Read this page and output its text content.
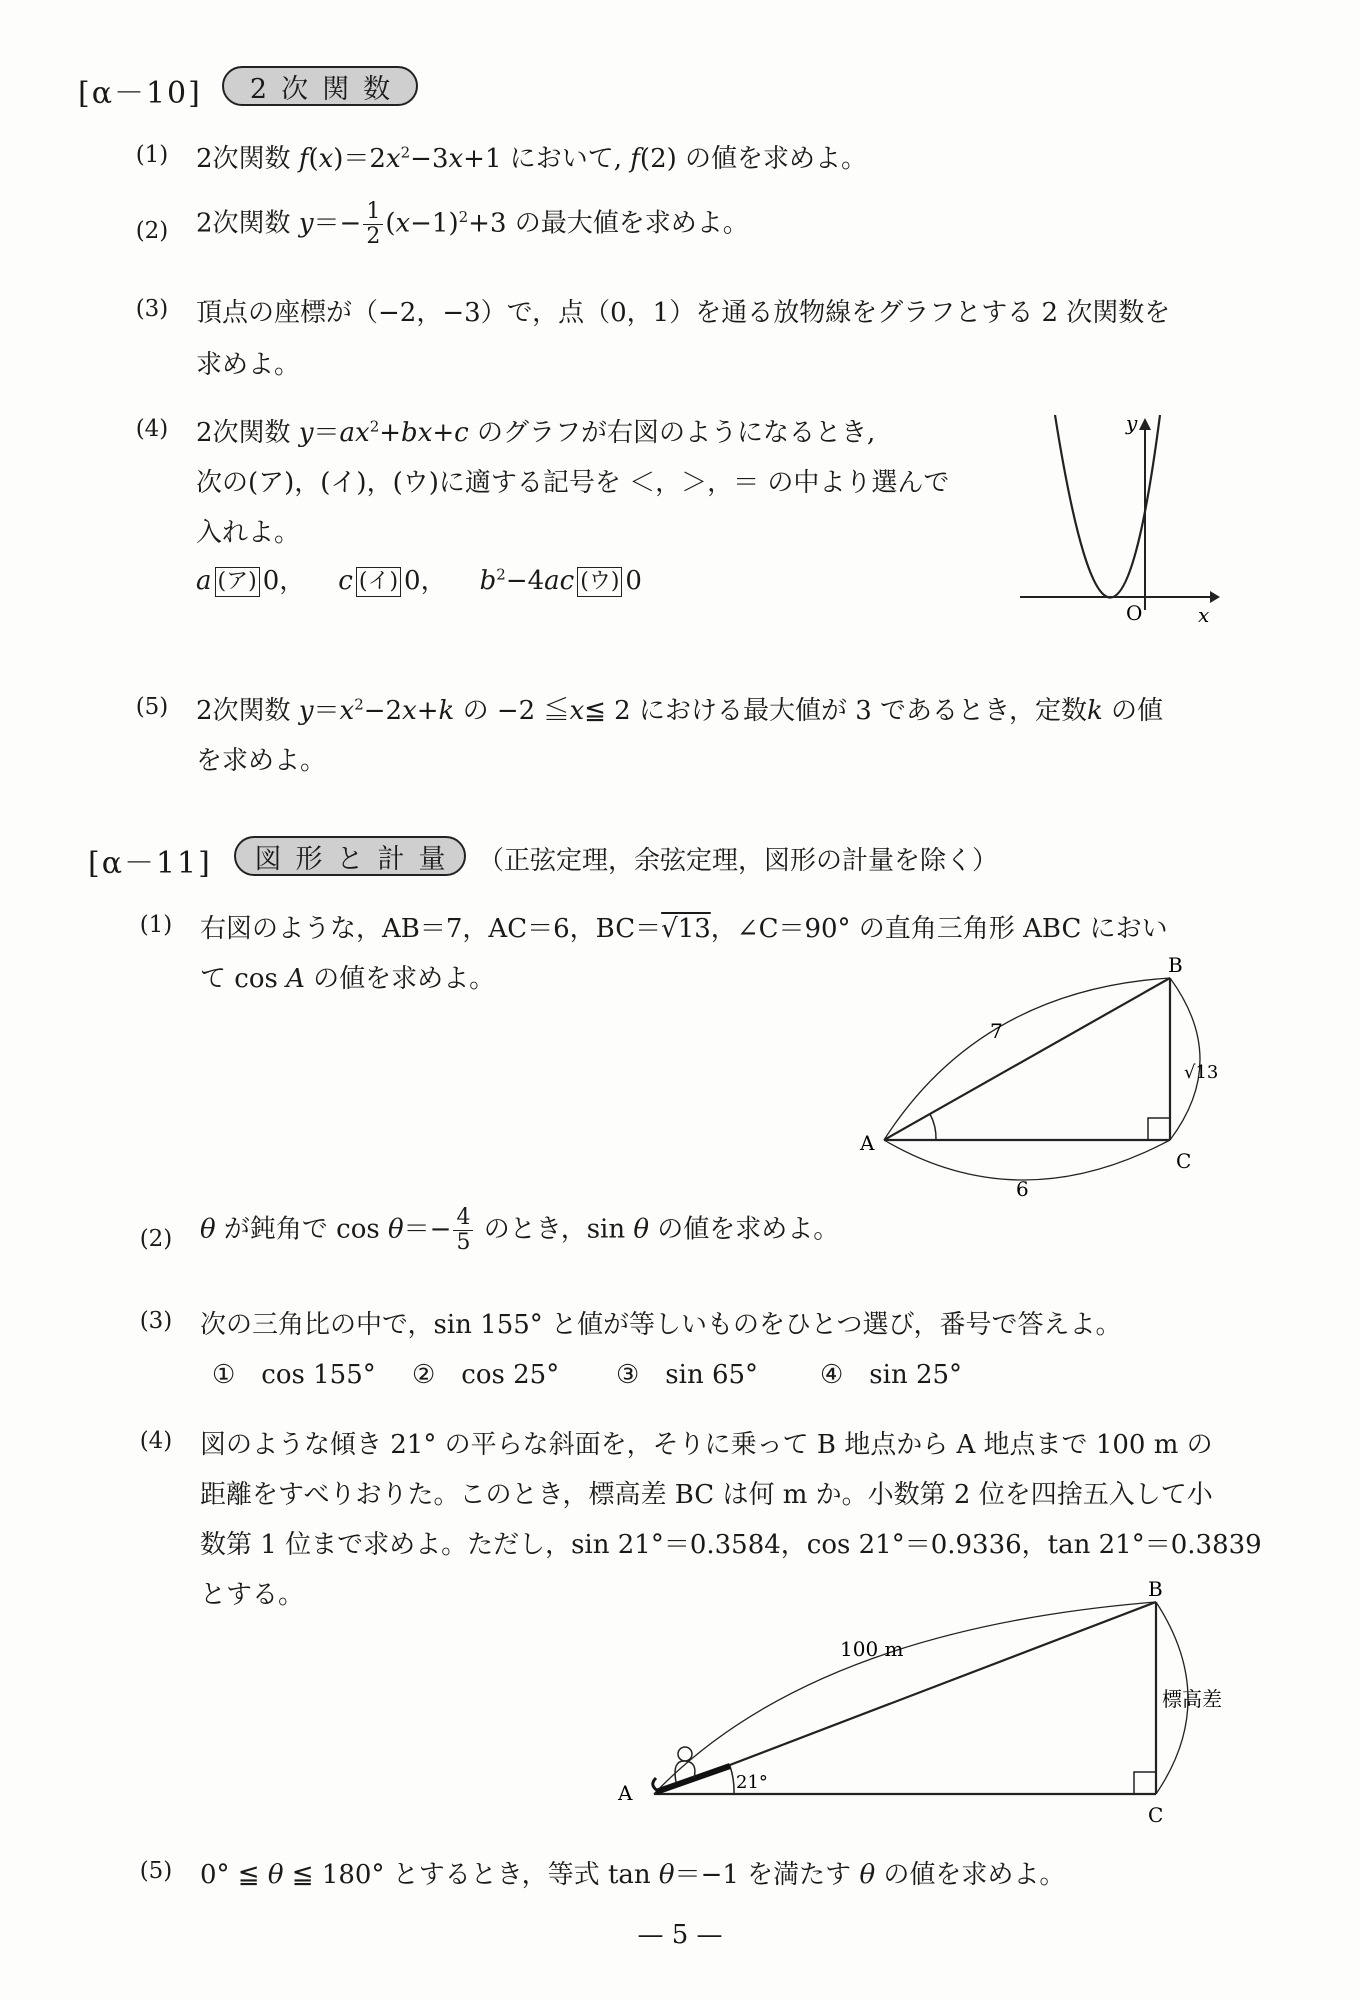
[α－10]	2次関数
(1) 2次関数 $f(x)=2x^2-3x+1$ において, f(2) の値を求めよ。
(2) 2次関数 $y=- \frac{1}{2} (x-1)^2+3$ の最大値を求めよ。
(3) 頂点の座標が（−2，−3）で，点（0，1）を通る放物線をグラフとする 2 次関数を
求めよ。
(4) 2次関数 $y=ax^2+bx+c$ のグラフが右図のようになるとき,
次の(ア)，(イ)，(ウ)に適する記号を ＜，＞，＝ の中より選んで
入れよ。
a (ア) 0， c (イ) 0， $b^2-4ac$ (ウ) 0
y
x
O
(5) 2次関数 $y=x^2-2x+k$ の −2 ≦x≦ 2 における最大値が 3 であるとき，定数k の値
を求めよ。
[α－11]	図形と計量 （正弦定理，余弦定理，図形の計量を除く）
(1) 右図のような，AB＝7，AC＝6，BC＝√13，∠C＝90° の直角三角形 ABC におい
て cos A の値を求めよ。
A
B
C
7
6
√13
(2) θ が鈍角で $\cos \theta=- \frac{4}{5}$ のとき，sin θ の値を求めよ。
(3) 次の三角比の中で，sin 155° と値が等しいものをひとつ選び，番号で答えよ。
①　cos 155° ②　cos 25° ③　sin 65° ④　sin 25°
(4) 図のような傾き 21° の平らな斜面を，そりに乗って B 地点から A 地点まで 100 m の
距離をすべりおりた。このとき，標高差 BC は何 m か。小数第 2 位を四捨五入して小
数第 1 位まで求めよ。ただし，sin 21°＝0.3584，cos 21°＝0.9336，tan 21°＝0.3839
とする。
A
B
C
100 m
21°
標高差
(5) 0° ≦ θ ≦ 180° とするとき，等式 tan θ＝−1 を満たす θ の値を求めよ。
— 5 —
